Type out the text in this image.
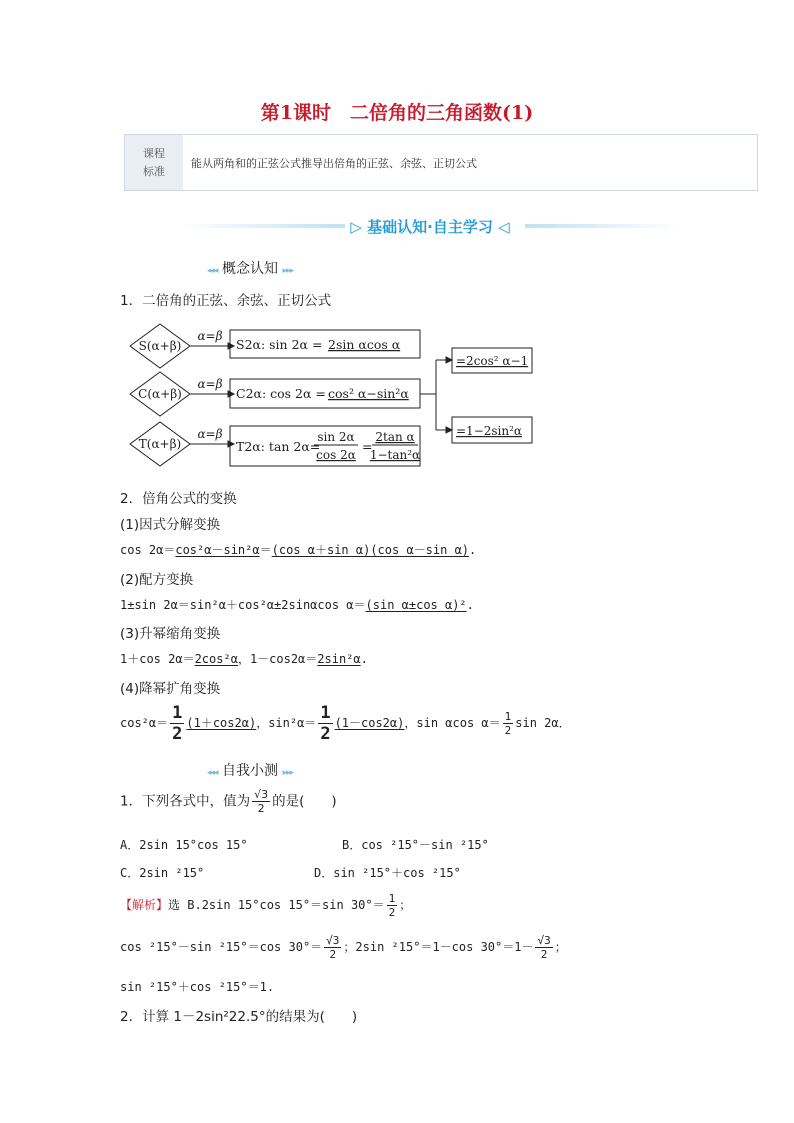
第1课时　二倍角的三角函数(1)
课程
标准
能从两角和的正弦公式推导出倍角的正弦、余弦、正切公式
▷ 基础认知·自主学习 ◁
◂◂◂ 概念认知 ▸▸▸
1．二倍角的正弦、余弦、正切公式
S(α+β)
C(α+β)
T(α+β)
α=β
α=β
α=β
S2α: sin 2α = 2sin αcos α
C2α: cos 2α = cos² α−sin²α
T2α: tan 2α=
sin 2α
cos 2α
=
2tan α
1−tan²α
=2cos² α−1
=1−2sin²α
2．倍角公式的变换
(1)因式分解变换
cos 2α＝cos²α－sin²α＝(cos α＋sin α)(cos α－sin α).
(2)配方变换
1±sin 2α＝sin²α＋cos²α±2sinαcos α＝(sin α±cos α)².
(3)升幂缩角变换
1＋cos 2α＝2cos²α，1－cos2α＝2sin²α.
(4)降幂扩角变换
$\cos^2\alpha= \frac{1}{2} (1+\cos 2\alpha)$，$\sin^2\alpha= \frac{1}{2} (1-\cos 2\alpha)$，sin αcos $\alpha= \frac{1}{2}$ sin 2α．
◂◂◂ 自我小测 ▸▸▸
1．下列各式中，值为 $\frac{√3}{2}$ 的是(　　)
A．2sin 15°cos 15°	B．cos ²15°－sin ²15°
C．2sin ²15°	D．sin ²15°＋cos ²15°
【解析】选 B.2sin 15°cos 15°＝sin $30^\circ= \frac{1}{2}$ ；
cos ²15°－sin ²15°＝cos $30^\circ= \frac{√3}{2}$ ；2sin ²15°＝1－cos $30^\circ=1- \frac{√3}{2}$ ；
sin ²15°＋cos ²15°＝1.
2．计算 1－2sin²22.5°的结果为(　　)
